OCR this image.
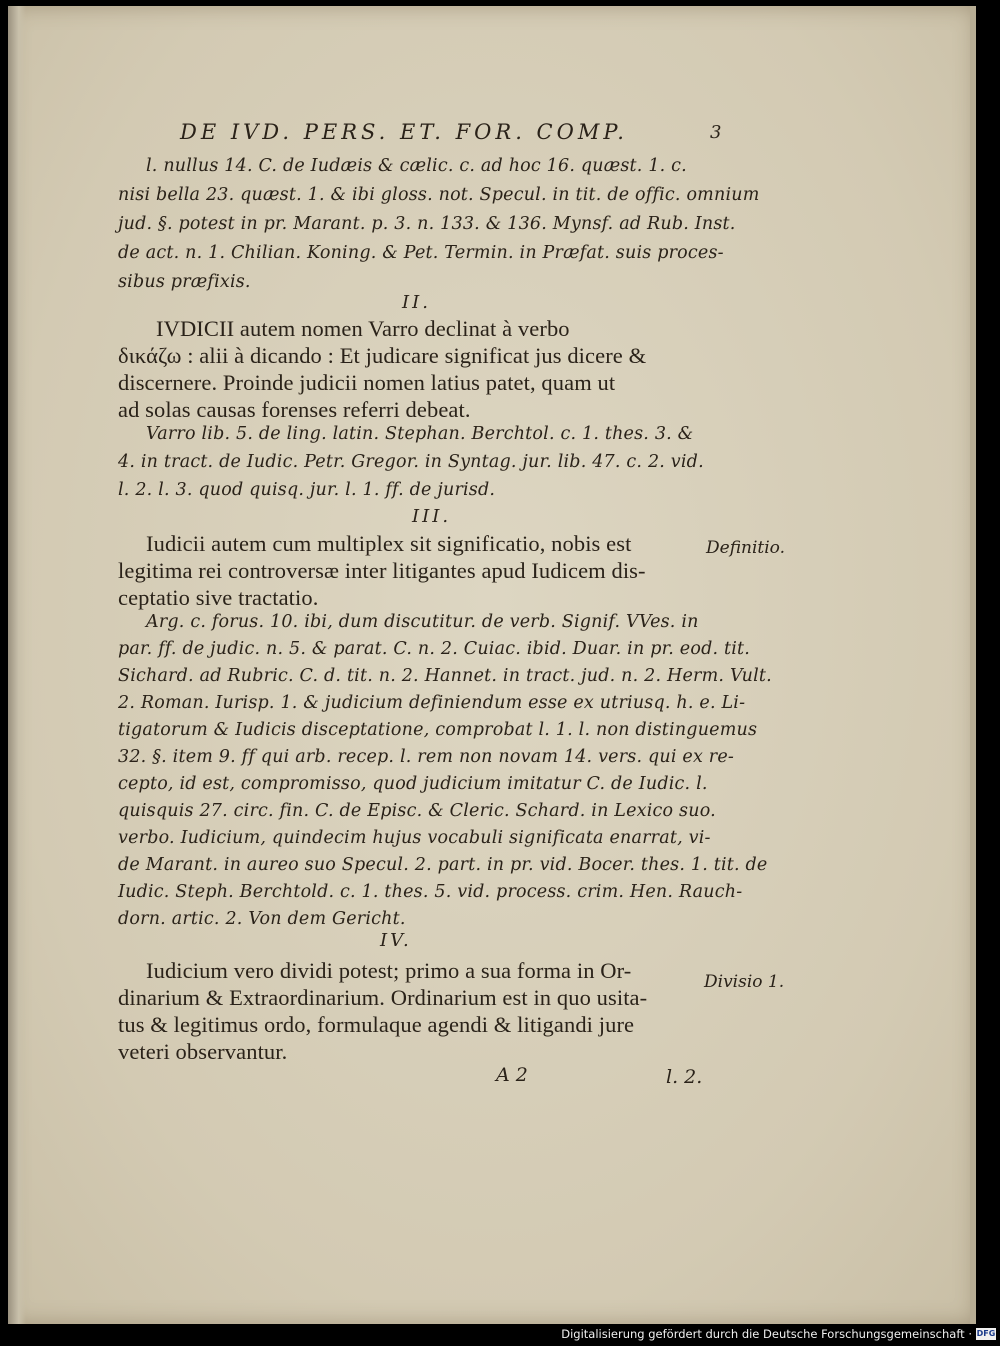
DE IVD. PERS. ET. FOR. COMP.	3
l. nullus 14. C. de Iudæis & cælic. c. ad hoc 16. quæst. 1. c.
nisi bella 23. quæst. 1. & ibi gloss. not. Specul. in tit. de offic. omnium
jud. §. potest in pr. Marant. p. 3. n. 133. & 136. Mynsf. ad Rub. Inst.
de act. n. 1. Chilian. Koning. & Pet. Termin. in Præfat. suis proces-
sibus præfixis.
IVDICII autem nomen Varro declinat à verbo
δικάζω : alii à dicando : Et judicare significat jus dicere &
discernere. Proinde judicii nomen latius patet, quam ut
ad solas causas forenses referri debeat.
Varro lib. 5. de ling. latin. Stephan. Berchtol. c. 1. thes. 3. &
4. in tract. de Iudic. Petr. Gregor. in Syntag. jur. lib. 47. c. 2. vid.
l. 2. l. 3. quod quisq. jur. l. 1. ff. de jurisd.
Iudicii autem cum multiplex sit significatio, nobis est
legitima rei controversæ inter litigantes apud Iudicem dis-
ceptatio sive tractatio.
Arg. c. forus. 10. ibi, dum discutitur. de verb. Signif. VVes. in
par. ff. de judic. n. 5. & parat. C. n. 2. Cuiac. ibid. Duar. in pr. eod. tit.
Sichard. ad Rubric. C. d. tit. n. 2. Hannet. in tract. jud. n. 2. Herm. Vult.
2. Roman. Iurisp. 1. & judicium definiendum esse ex utriusq. h. e. Li-
tigatorum & Iudicis disceptatione, comprobat l. 1. l. non distinguemus
32. §. item 9. ff qui arb. recep. l. rem non novam 14. vers. qui ex re-
cepto, id est, compromisso, quod judicium imitatur C. de Iudic. l.
quisquis 27. circ. fin. C. de Episc. & Cleric. Schard. in Lexico suo.
verbo. Iudicium, quindecim hujus vocabuli significata enarrat, vi-
de Marant. in aureo suo Specul. 2. part. in pr. vid. Bocer. thes. 1. tit. de
Iudic. Steph. Berchtold. c. 1. thes. 5. vid. process. crim. Hen. Rauch-
dorn. artic. 2. Von dem Gericht.
Iudicium vero dividi potest; primo a sua forma in Or-
dinarium & Extraordinarium. Ordinarium est in quo usita-
tus & legitimus ordo, formulaque agendi & litigandi jure
veteri observantur.
II.
III.
IV.
Definitio.
Divisio 1.
A 2	l. 2.
Digitalisierung gefördert durch die Deutsche Forschungsgemeinschaft · DFG
